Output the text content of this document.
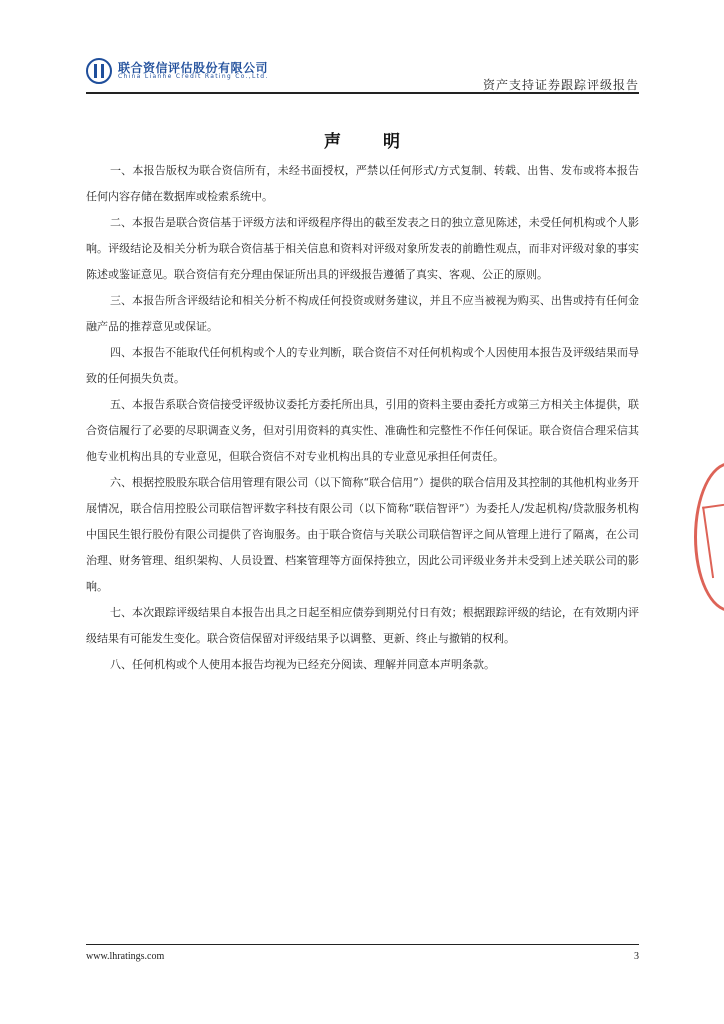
联合资信评估股份有限公司
China Lianhe Credit Rating Co.,Ltd.
资产支持证券跟踪评级报告
声 明

一、本报告版权为联合资信所有，未经书面授权，严禁以任何形式/方式复制、转载、出售、发布或将本报告任何内容存储在数据库或检索系统中。

二、本报告是联合资信基于评级方法和评级程序得出的截至发表之日的独立意见陈述，未受任何机构或个人影响。评级结论及相关分析为联合资信基于相关信息和资料对评级对象所发表的前瞻性观点，而非对评级对象的事实陈述或鉴证意见。联合资信有充分理由保证所出具的评级报告遵循了真实、客观、公正的原则。

三、本报告所含评级结论和相关分析不构成任何投资或财务建议，并且不应当被视为购买、出售或持有任何金融产品的推荐意见或保证。

四、本报告不能取代任何机构或个人的专业判断，联合资信不对任何机构或个人因使用本报告及评级结果而导致的任何损失负责。

五、本报告系联合资信接受评级协议委托方委托所出具，引用的资料主要由委托方或第三方相关主体提供，联合资信履行了必要的尽职调查义务，但对引用资料的真实性、准确性和完整性不作任何保证。联合资信合理采信其他专业机构出具的专业意见，但联合资信不对专业机构出具的专业意见承担任何责任。

六、根据控股股东联合信用管理有限公司（以下简称“联合信用”）提供的联合信用及其控制的其他机构业务开展情况，联合信用控股公司联信智评数字科技有限公司（以下简称“联信智评”）为委托人/发起机构/贷款服务机构中国民生银行股份有限公司提供了咨询服务。由于联合资信与关联公司联信智评之间从管理上进行了隔离，在公司治理、财务管理、组织架构、人员设置、档案管理等方面保持独立，因此公司评级业务并未受到上述关联公司的影响。

七、本次跟踪评级结果自本报告出具之日起至相应债券到期兑付日有效；根据跟踪评级的结论，在有效期内评级结果有可能发生变化。联合资信保留对评级结果予以调整、更新、终止与撤销的权利。

八、任何机构或个人使用本报告均视为已经充分阅读、理解并同意本声明条款。

www.lhratings.com	3
